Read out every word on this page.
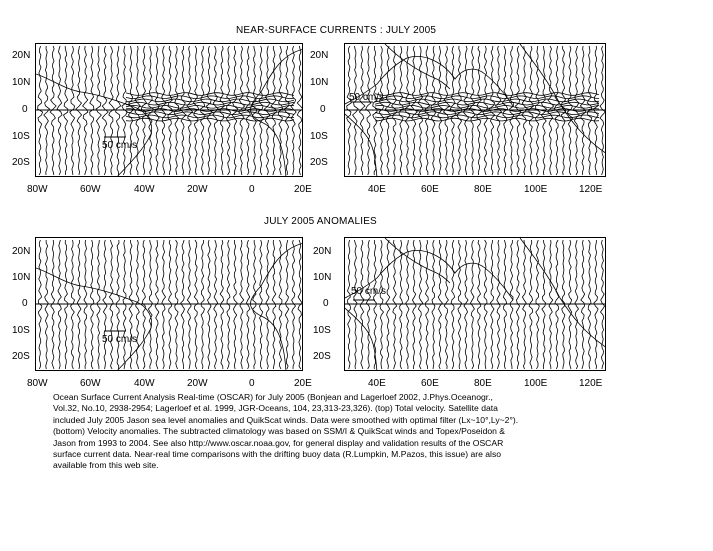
NEAR-SURFACE CURRENTS : JULY 2005
JULY 2005 ANOMALIES
20N
10N
0
10S
20S
50 cm/s
80W	60W	40W	20W	0	20E
20N
10N
0
10S
20S
50 cm/s
40E	60E	80E	100E	120E
20N
10N
0
10S
20S
50 cm/s
80W	60W	40W	20W	0	20E
20N
10N
0
10S
20S
50 cm/s
40E	60E	80E	100E	120E

Ocean Surface Current Analysis Real-time (OSCAR) for July 2005 (Bonjean and Lagerloef 2002, J.Phys.Oceanogr.,

Vol.32, No.10, 2938-2954; Lagerloef et al. 1999, JGR-Oceans, 104, 23,313-23,326). (top) Total velocity. Satellite data

included July 2005 Jason sea level anomalies and QuikScat winds. Data were smoothed with optimal filter (Lx~10°,Ly~2°).

(bottom) Velocity anomalies. The subtracted climatology was based on SSM/I & QuikScat winds and Topex/Poseidon &

Jason from 1993 to 2004. See also http://www.oscar.noaa.gov, for general display and validation results of the OSCAR

surface current data. Near-real time comparisons with the drifting buoy data (R.Lumpkin, M.Pazos, this issue) are also

available from this web site.
